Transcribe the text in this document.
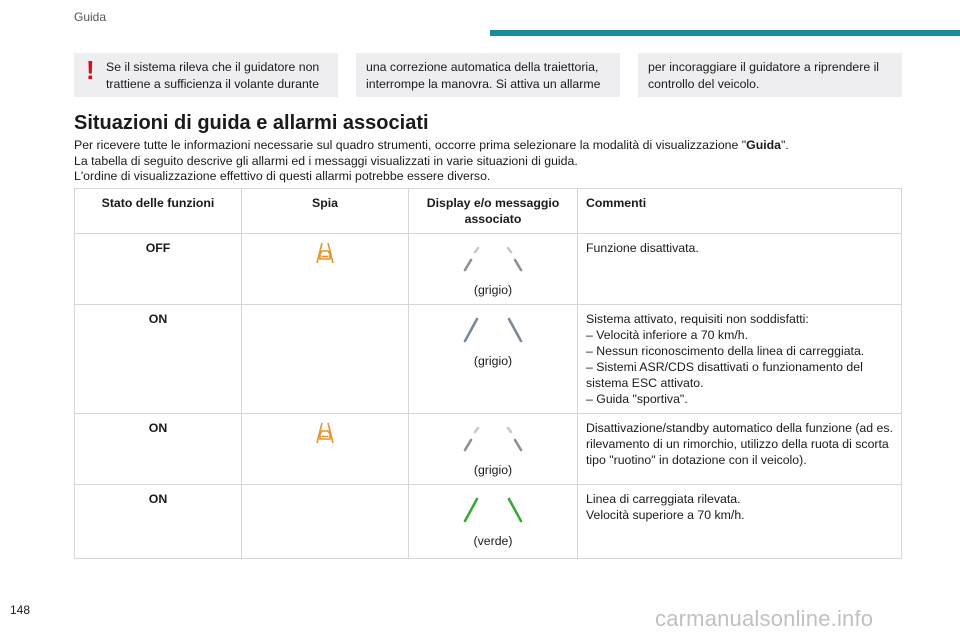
Guida
! Se il sistema rileva che il guidatore non trattiene a sufficienza il volante durante
una correzione automatica della traiettoria, interrompe la manovra. Si attiva un allarme
per incoraggiare il guidatore a riprendere il controllo del veicolo.
Situazioni di guida e allarmi associati

Per ricevere tutte le informazioni necessarie sul quadro strumenti, occorre prima selezionare la modalità di visualizzazione "Guida".

La tabella di seguito descrive gli allarmi ed i messaggi visualizzati in varie situazioni di guida.

L'ordine di visualizzazione effettivo di questi allarmi potrebbe essere diverso.

Stato delle funzioni	Spia	Display e/o messaggio associato	Commenti
OFF		(grigio)	Funzione disattivata.

ON		(grigio)	Sistema attivato, requisiti non soddisfatti:
– Velocità inferiore a 70 km/h.
– Nessun riconoscimento della linea di carreggiata.
– Sistemi ASR/CDS disattivati o funzionamento del sistema ESC attivato.
– Guida "sportiva".

ON		(grigio)	Disattivazione/standby automatico della funzione (ad es. rilevamento di un rimorchio, utilizzo della ruota di scorta tipo "ruotino" in dotazione con il veicolo).

ON		(verde)	Linea di carreggiata rilevata.
Velocità superiore a 70 km/h.
148	carmanualsonline.info
